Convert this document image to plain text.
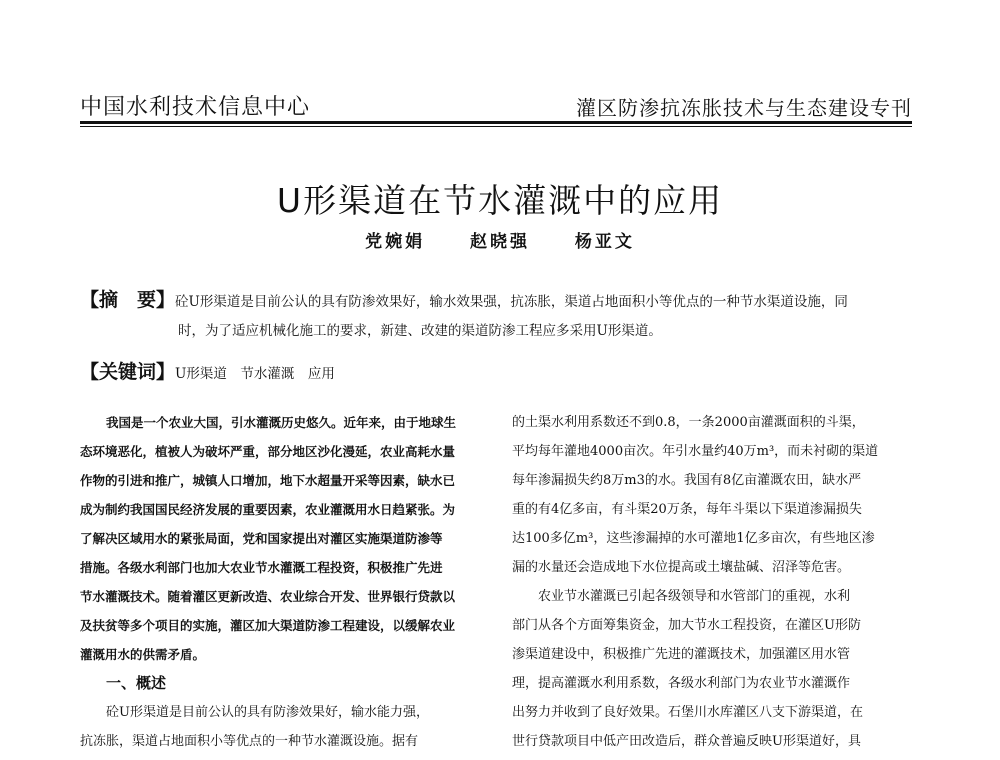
中国水利技术信息中心	灌区防渗抗冻胀技术与生态建设专刊
U形渠道在节水灌溉中的应用
党婉娟	赵晓强	杨亚文
【摘　要】砼U形渠道是目前公认的具有防渗效果好，输水效果强，抗冻胀，渠道占地面积小等优点的一种节水渠道设施，同
时，为了适应机械化施工的要求，新建、改建的渠道防渗工程应多采用U形渠道。
【关键词】U形渠道　节水灌溉　应用

我国是一个农业大国，引水灌溉历史悠久。近年来，由于地球生
态环境恶化，植被人为破坏严重，部分地区沙化漫延，农业高耗水量
作物的引进和推广，城镇人口增加，地下水超量开采等因素，缺水已
成为制约我国国民经济发展的重要因素，农业灌溉用水日趋紧张。为
了解决区域用水的紧张局面，党和国家提出对灌区实施渠道防渗等
措施。各级水利部门也加大农业节水灌溉工程投资，积极推广先进
节水灌溉技术。随着灌区更新改造、农业综合开发、世界银行贷款以
及扶贫等多个项目的实施，灌区加大渠道防渗工程建设，以缓解农业
灌溉用水的供需矛盾。

一、概述

砼U形渠道是目前公认的具有防渗效果好，输水能力强，
抗冻胀，渠道占地面积小等优点的一种节水灌溉设施。据有

的土渠水利用系数还不到0.8，一条2000亩灌溉面积的斗渠，
平均每年灌地4000亩次。年引水量约40万m³，而未衬砌的渠道
每年渗漏损失约8万m3的水。我国有8亿亩灌溉农田，缺水严
重的有4亿多亩，有斗渠20万条，每年斗渠以下渠道渗漏损失
达100多亿m³，这些渗漏掉的水可灌地1亿多亩次，有些地区渗
漏的水量还会造成地下水位提高或土壤盐碱、沼泽等危害。

农业节水灌溉已引起各级领导和水管部门的重视，水利
部门从各个方面筹集资金，加大节水工程投资，在灌区U形防
渗渠道建设中，积极推广先进的灌溉技术，加强灌区用水管
理，提高灌溉水利用系数，各级水利部门为农业节水灌溉作
出努力并收到了良好效果。石堡川水库灌区八支下游渠道，在
世行贷款项目中低产田改造后，群众普遍反映U形渠道好，具
